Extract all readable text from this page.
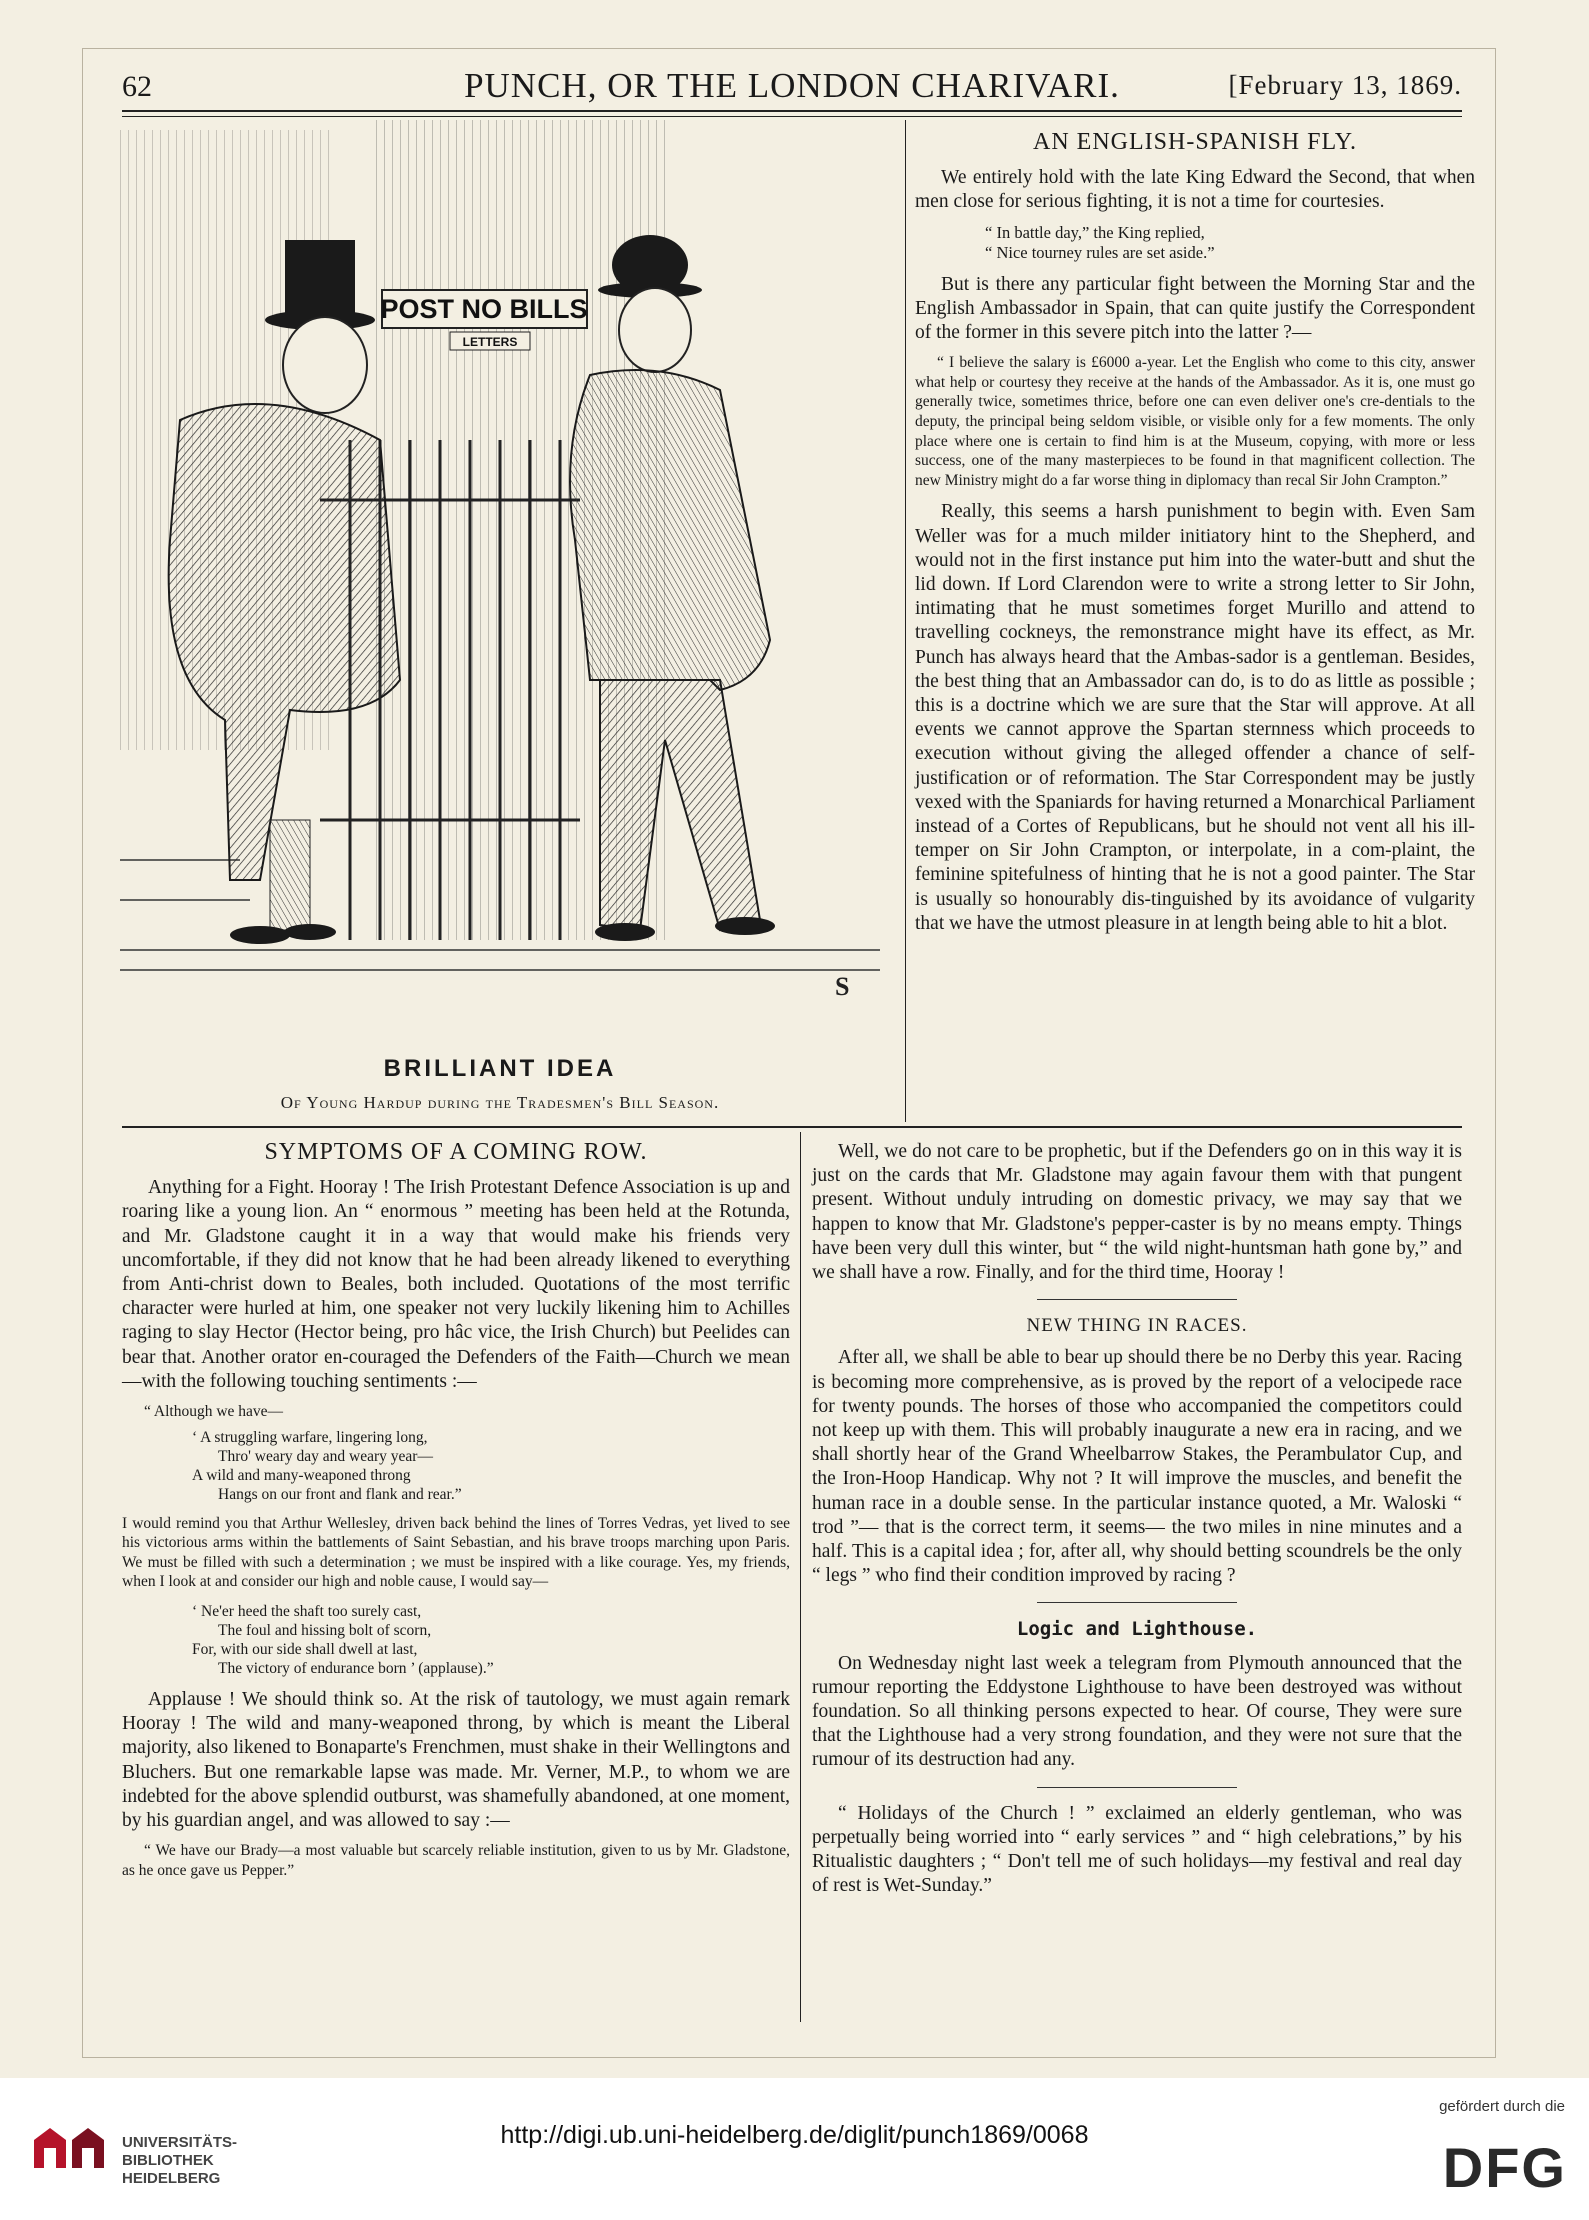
62	PUNCH, OR THE LONDON CHARIVARI.	[February 13, 1869.
POST NO BILLS
LETTERS
S
BRILLIANT IDEA
Of Young Hardup during the Tradesmen's Bill Season.
AN ENGLISH-SPANISH FLY.

We entirely hold with the late King Edward the Second, that when men close for serious fighting, it is not a time for courtesies.

“ In battle day,” the King replied,
“ Nice tourney rules are set aside.”

But is there any particular fight between the Morning Star and the English Ambassador in Spain, that can quite justify the Correspondent of the former in this severe pitch into the latter ?—

“ I believe the salary is £6000 a-year. Let the English who come to this city, answer what help or courtesy they receive at the hands of the Ambassador. As it is, one must go generally twice, sometimes thrice, before one can even deliver one's cre-dentials to the deputy, the principal being seldom visible, or visible only for a few moments. The only place where one is certain to find him is at the Museum, copying, with more or less success, one of the many masterpieces to be found in that magnificent collection. The new Ministry might do a far worse thing in diplomacy than recal Sir John Crampton.”

Really, this seems a harsh punishment to begin with. Even Sam Weller was for a much milder initiatory hint to the Shepherd, and would not in the first instance put him into the water-butt and shut the lid down. If Lord Clarendon were to write a strong letter to Sir John, intimating that he must sometimes forget Murillo and attend to travelling cockneys, the remonstrance might have its effect, as Mr. Punch has always heard that the Ambas-sador is a gentleman. Besides, the best thing that an Ambassador can do, is to do as little as possible ; this is a doctrine which we are sure that the Star will approve. At all events we cannot approve the Spartan sternness which proceeds to execution without giving the alleged offender a chance of self-justification or of reformation. The Star Correspondent may be justly vexed with the Spaniards for having returned a Monarchical Parliament instead of a Cortes of Republicans, but he should not vent all his ill-temper on Sir John Crampton, or interpolate, in a com-plaint, the feminine spitefulness of hinting that he is not a good painter. The Star is usually so honourably dis-tinguished by its avoidance of vulgarity that we have the utmost pleasure in at length being able to hit a blot.

SYMPTOMS OF A COMING ROW.

Anything for a Fight. Hooray ! The Irish Protestant Defence Association is up and roaring like a young lion. An “ enormous ” meeting has been held at the Rotunda, and Mr. Gladstone caught it in a way that would make his friends very uncomfortable, if they did not know that he had been already likened to everything from Anti-christ down to Beales, both included. Quotations of the most terrific character were hurled at him, one speaker not very luckily likening him to Achilles raging to slay Hector (Hector being, pro hâc vice, the Irish Church) but Peelides can bear that. Another orator en-couraged the Defenders of the Faith—Church we mean—with the following touching sentiments :—

“ Although we have—

‘ A struggling warfare, lingering long,
Thro' weary day and weary year—
A wild and many-weaponed throng
Hangs on our front and flank and rear.”

I would remind you that Arthur Wellesley, driven back behind the lines of Torres Vedras, yet lived to see his victorious arms within the battlements of Saint Sebastian, and his brave troops marching upon Paris. We must be filled with such a determination ; we must be inspired with a like courage. Yes, my friends, when I look at and consider our high and noble cause, I would say—

‘ Ne'er heed the shaft too surely cast,
The foul and hissing bolt of scorn,
For, with our side shall dwell at last,
The victory of endurance born ’ (applause).”

Applause ! We should think so. At the risk of tautology, we must again remark Hooray ! The wild and many-weaponed throng, by which is meant the Liberal majority, also likened to Bonaparte's Frenchmen, must shake in their Wellingtons and Bluchers. But one remarkable lapse was made. Mr. Verner, M.P., to whom we are indebted for the above splendid outburst, was shamefully abandoned, at one moment, by his guardian angel, and was allowed to say :—

“ We have our Brady—a most valuable but scarcely reliable institution, given to us by Mr. Gladstone, as he once gave us Pepper.”

Well, we do not care to be prophetic, but if the Defenders go on in this way it is just on the cards that Mr. Gladstone may again favour them with that pungent present. Without unduly intruding on domestic privacy, we may say that we happen to know that Mr. Gladstone's pepper-caster is by no means empty. Things have been very dull this winter, but “ the wild night-huntsman hath gone by,” and we shall have a row. Finally, and for the third time, Hooray !

NEW THING IN RACES.

After all, we shall be able to bear up should there be no Derby this year. Racing is becoming more comprehensive, as is proved by the report of a velocipede race for twenty pounds. The horses of those who accompanied the competitors could not keep up with them. This will probably inaugurate a new era in racing, and we shall shortly hear of the Grand Wheelbarrow Stakes, the Perambulator Cup, and the Iron-Hoop Handicap. Why not ? It will improve the muscles, and benefit the human race in a double sense. In the particular instance quoted, a Mr. Waloski “ trod ”— that is the correct term, it seems— the two miles in nine minutes and a half. This is a capital idea ; for, after all, why should betting scoundrels be the only “ legs ” who find their condition improved by racing ?

Logic and Lighthouse.

On Wednesday night last week a telegram from Plymouth announced that the rumour reporting the Eddystone Lighthouse to have been destroyed was without foundation. So all thinking persons expected to hear. Of course, They were sure that the Lighthouse had a very strong foundation, and they were not sure that the rumour of its destruction had any.

“ Holidays of the Church ! ” exclaimed an elderly gentleman, who was perpetually being worried into “ early services ” and “ high celebrations,” by his Ritualistic daughters ; “ Don't tell me of such holidays—my festival and real day of rest is Wet-Sunday.”

UNIVERSITÄTS-
BIBLIOTHEK
HEIDELBERG
http://digi.ub.uni-heidelberg.de/diglit/punch1869/0068
gefördert durch die
DFG
